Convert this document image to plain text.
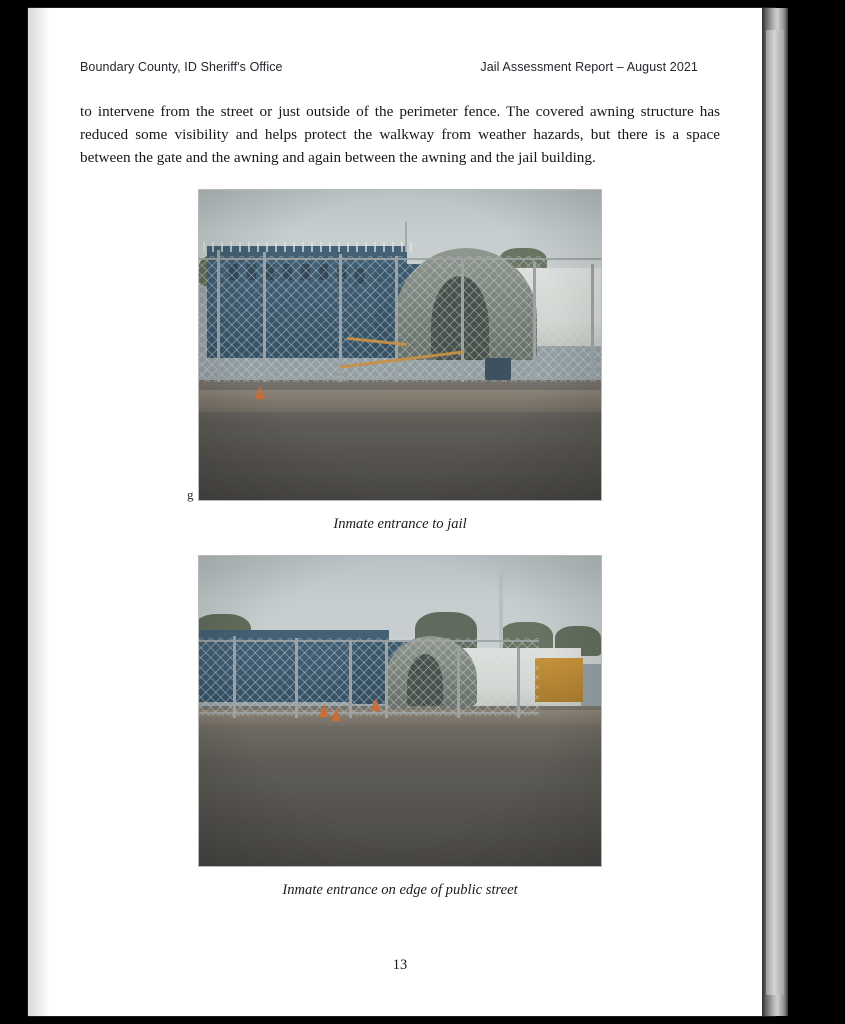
Boundary County, ID Sheriff's Office	Jail Assessment Report – August 2021

to intervene from the street or just outside of the perimeter fence. The covered awning structure has reduced some visibility and helps protect the walkway from weather hazards, but there is a space between the gate and the awning and again between the awning and the jail building.

g
Inmate entrance to jail
Inmate entrance on edge of public street
13
